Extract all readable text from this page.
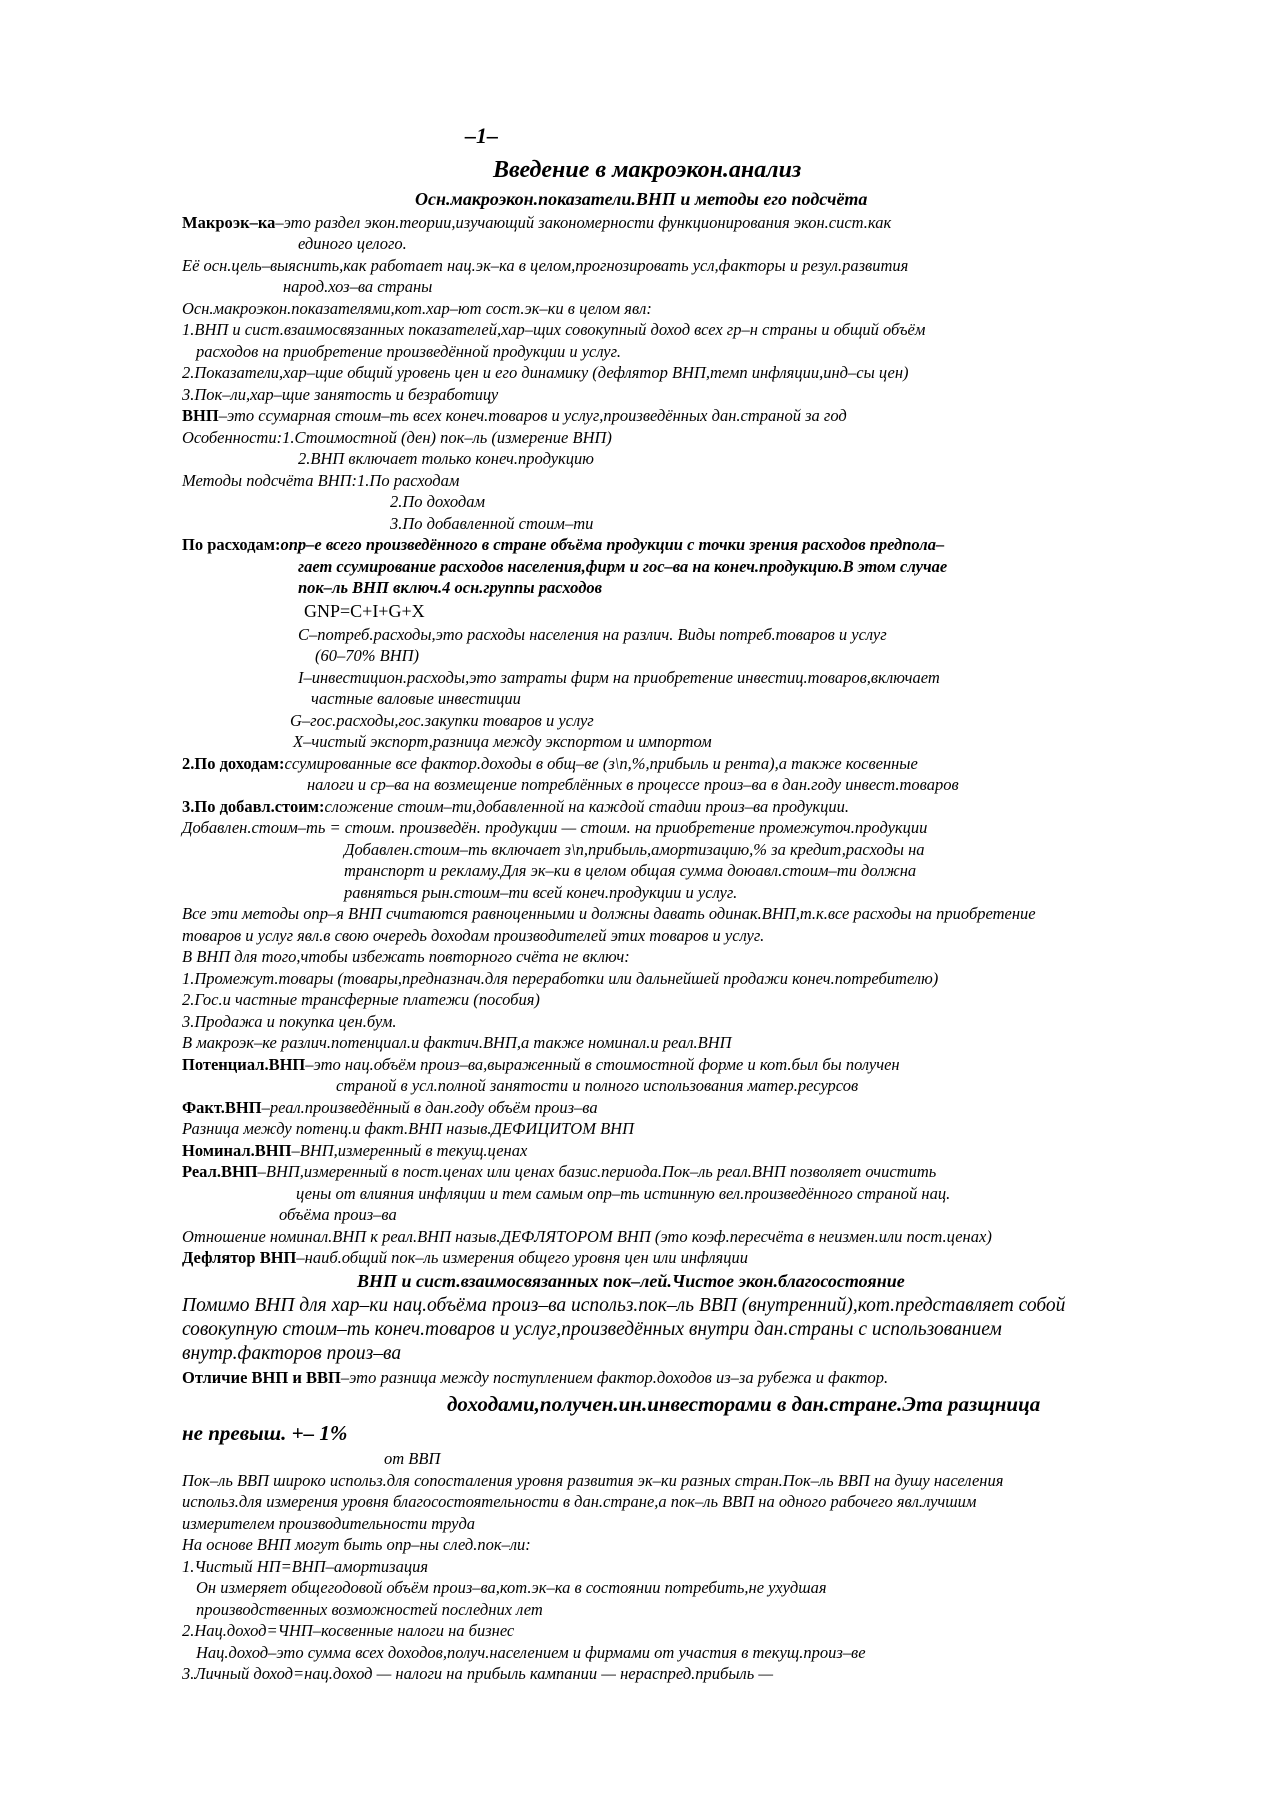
–1–
Введение в макроэкон.анализ
Осн.макроэкон.показатели.ВНП и методы его подсчёта
Макроэк–ка–это раздел экон.теории,изучающий закономерности функционирования экон.сист.как
единого целого.
Её осн.цель–выяснить,как работает нац.эк–ка в целом,прогнозировать усл,факторы и резул.развития
народ.хоз–ва страны
Осн.макроэкон.показателями,кот.хар–ют сост.эк–ки в целом явл:
1.ВНП и сист.взаимосвязанных показателей,хар–щих совокупный доход всех гр–н страны и общий объём
расходов на приобретение произведённой продукции и услуг.
2.Показатели,хар–щие общий уровень цен и его динамику (дефлятор ВНП,темп инфляции,инд–сы цен)
3.Пок–ли,хар–щие занятость и безработицу
ВНП–это ссумарная стоим–ть всех конеч.товаров и услуг,произведённых дан.страной за год
Особенности:1.Стоимостной (ден) пок–ль (измерение ВНП)
2.ВНП включает только конеч.продукцию
Методы подсчёта ВНП:1.По расходам
2.По доходам
3.По добавленной стоим–ти
По расходам:опр–е всего произведённого в стране объёма продукции с точки зрения расходов предпола–
гает ссумирование расходов населения,фирм и гос–ва на конеч.продукцию.В этом случае
пок–ль ВНП включ.4 осн.группы расходов
GNP=C+I+G+X
C–потреб.расходы,это расходы населения на различ. Виды потреб.товаров и услуг
(60–70% ВНП)
I–инвестицион.расходы,это затраты фирм на приобретение инвестиц.товаров,включает
частные валовые инвестиции
G–гос.расходы,гос.закупки товаров и услуг
X–чистый экспорт,разница между экспортом и импортом
2.По доходам:ссумированные все фактор.доходы в общ–ве (з\п,%,прибыль и рента),а также косвенные
налоги и ср–ва на возмещение потреблённых в процессе произ–ва в дан.году инвест.товаров
3.По добавл.стоим:сложение стоим–ти,добавленной на каждой стадии произ–ва продукции.
Добавлен.стоим–ть = стоим. произведён. продукции — стоим. на приобретение промежуточ.продукции
Добавлен.стоим–ть включает з\п,прибыль,амортизацию,% за кредит,расходы на
транспорт и рекламу.Для эк–ки в целом общая сумма доюавл.стоим–ти должна
равняться рын.стоим–ти всей конеч.продукции и услуг.
Все эти методы опр–я ВНП считаются равноценными и должны давать одинак.ВНП,т.к.все расходы на приобретение
товаров и услуг явл.в свою очередь доходам производителей этих товаров и услуг.
В ВНП для того,чтобы избежать повторного счёта не включ:
1.Промежут.товары (товары,предназнач.для переработки или дальнейшей продажи конеч.потребителю)
2.Гос.и частные трансферные платежи (пособия)
3.Продажа и покупка цен.бум.
В макроэк–ке различ.потенциал.и фактич.ВНП,а также номинал.и реал.ВНП
Потенциал.ВНП–это нац.объём произ–ва,выраженный в стоимостной форме и кот.был бы получен
страной в усл.полной занятости и полного использования матер.ресурсов
Факт.ВНП–реал.произведённый в дан.году объём произ–ва
Разница между потенц.и факт.ВНП назыв.ДЕФИЦИТОМ ВНП
Номинал.ВНП–ВНП,измеренный в текущ.ценах
Реал.ВНП–ВНП,измеренный в пост.ценах или ценах базис.периода.Пок–ль реал.ВНП позволяет очистить
цены от влияния инфляции и тем самым опр–ть истинную вел.произведённого страной нац.
объёма произ–ва
Отношение номинал.ВНП к реал.ВНП назыв.ДЕФЛЯТОРОМ ВНП (это коэф.пересчёта в неизмен.или пост.ценах)
Дефлятор ВНП–наиб.общий пок–ль измерения общего уровня цен или инфляции
ВНП и сист.взаимосвязанных пок–лей.Чистое экон.благосостояние
Помимо ВНП для хар–ки нац.объёма произ–ва использ.пок–ль ВВП (внутренний),кот.представляет собой
совокупную стоим–ть конеч.товаров и услуг,произведённых внутри дан.страны с использованием
внутр.факторов произ–ва
Отличие ВНП и ВВП–это разница между поступлением фактор.доходов из–за рубежа и фактор.
доходами,получен.ин.инвесторами в дан.стране.Эта разщница
не превыш. +– 1%
от ВВП
Пок–ль ВВП широко использ.для сопосталения уровня развития эк–ки разных стран.Пок–ль ВВП на душу населения
использ.для измерения уровня благосостоятельности в дан.стране,а пок–ль ВВП на одного рабочего явл.лучшим
измерителем производительности труда
На основе ВНП могут быть опр–ны след.пок–ли:
1.Чистый НП=ВНП–амортизация
Он измеряет общегодовой объём произ–ва,кот.эк–ка в состоянии потребить,не ухудшая
производственных возможностей последних лет
2.Нац.доход=ЧНП–косвенные налоги на бизнес
Нац.доход–это сумма всех доходов,получ.населением и фирмами от участия в текущ.произ–ве
3.Личный доход=нац.доход — налоги на прибыль кампании — нераспред.прибыль —
